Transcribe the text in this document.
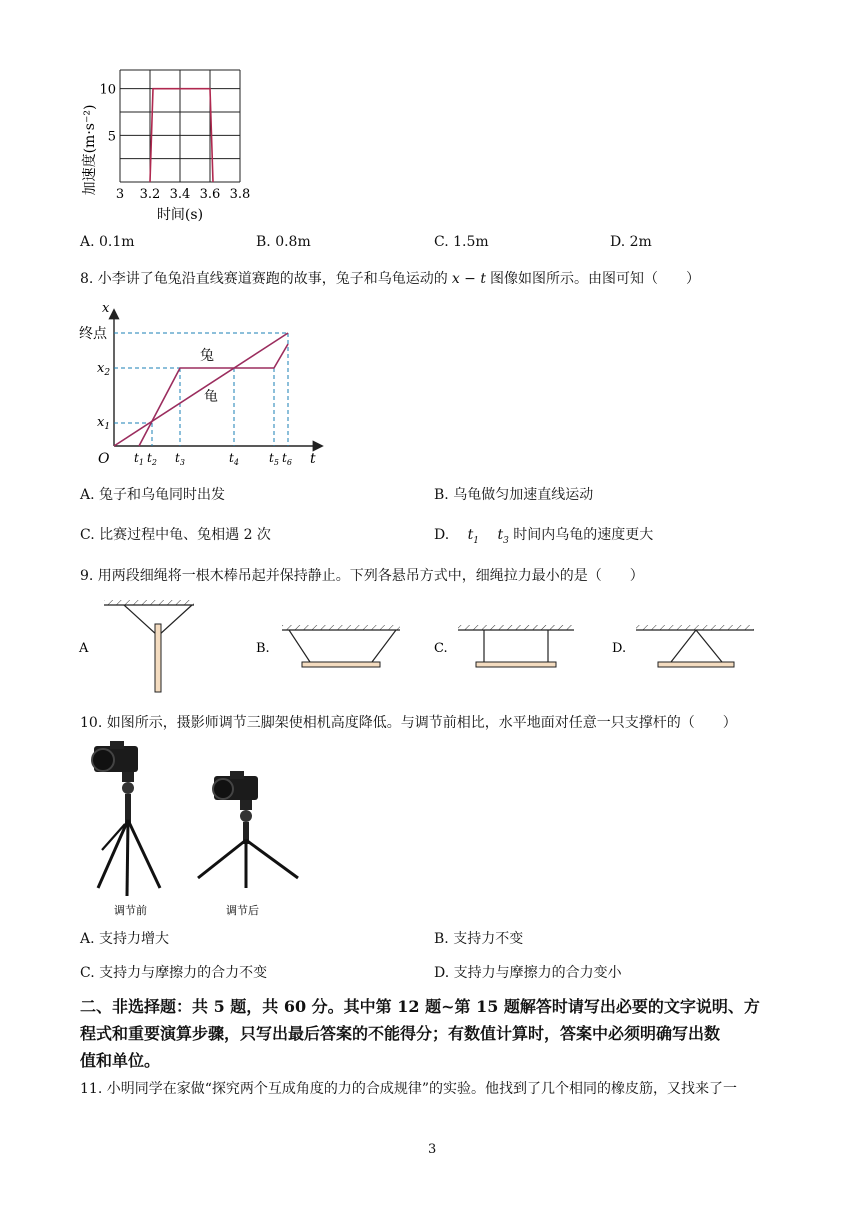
3 3.2 3.4 3.6 3.8
5
10
加速度(m·s⁻²)
时间(s)
A. 0.1m	B. 0.8m	C. 1.5m	D. 2m
8. 小李讲了龟兔沿直线赛道赛跑的故事，兔子和乌龟运动的 x − t 图像如图所示。由图可知（　　）
x
终点
$x_2$
$x_1$
O	t
兔
龟
$t_1$ $t_2$ $t_3$	$t_4$	$t_5$ $t_6$
A. 兔子和乌龟同时出发	B. 乌龟做匀加速直线运动
C. 比赛过程中龟、兔相遇 2 次	D. $t_1$ $t_3$ 时间内乌龟的速度更大
9. 用两段细绳将一根木棒吊起并保持静止。下列各悬吊方式中，细绳拉力最小的是（　　）
A	B.	C.	D.
10. 如图所示，摄影师调节三脚架使相机高度降低。与调节前相比，水平地面对任意一只支撑杆的（　　）
调节前	调节后
A. 支持力增大	B. 支持力不变
C. 支持力与摩擦力的合力不变	D. 支持力与摩擦力的合力变小
二、非选择题：共 5 题，共 60 分。其中第 12 题~第 15 题解答时请写出必要的文字说明、方
程式和重要演算步骤，只写出最后答案的不能得分；有数值计算时，答案中必须明确写出数
值和单位。
11. 小明同学在家做“探究两个互成角度的力的合成规律”的实验。他找到了几个相同的橡皮筋，又找来了一
3
